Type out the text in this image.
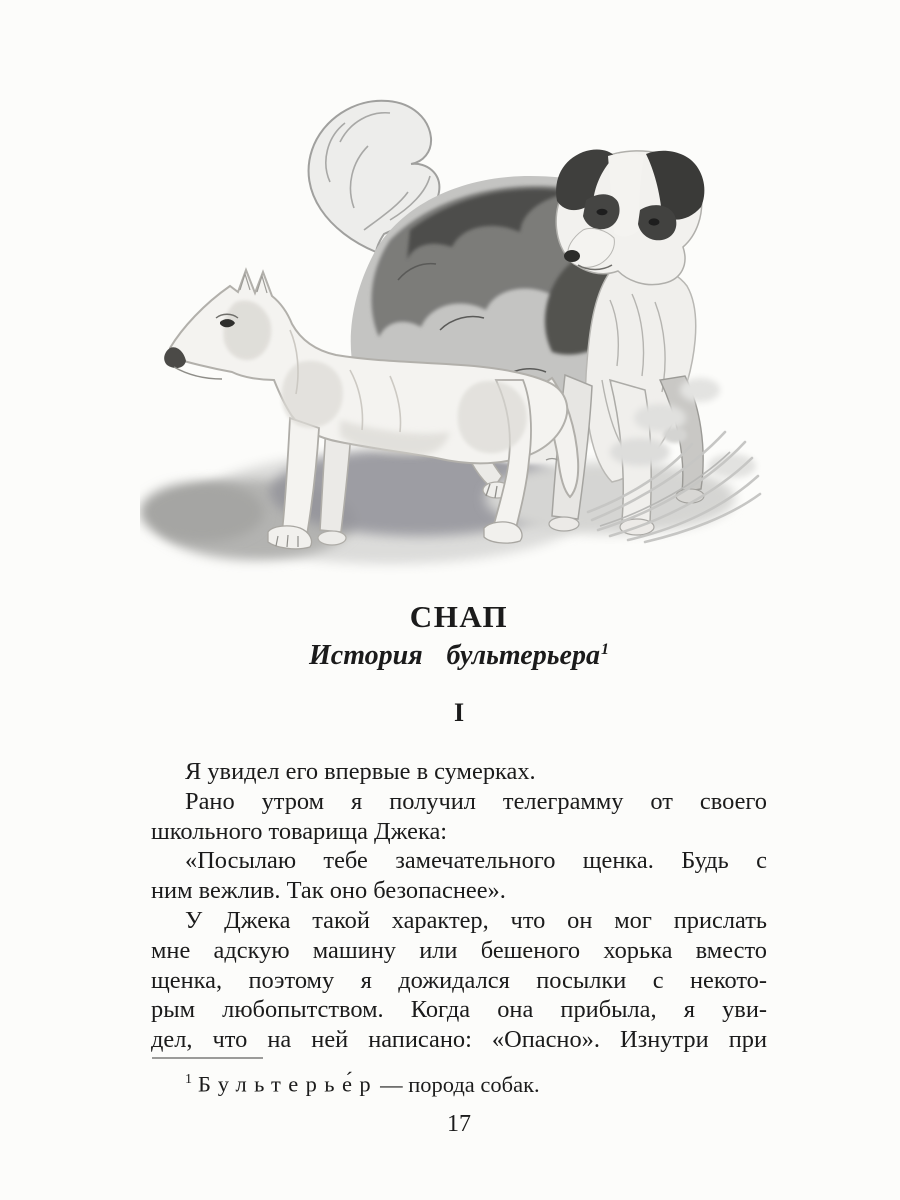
СНАП
История бультерьера$^1$
I
Я увидел его впервые в сумерках.
Рано утром я получил телеграмму от своего
школьного товарища Джека:
«Посылаю тебе замечательного щенка. Будь с
ним вежлив. Так оно безопаснее».
У Джека такой характер, что он мог прислать
мне адскую машину или бешеного хорька вместо
щенка, поэтому я дожидался посылки с некото-
рым любопытством. Когда она прибыла, я уви-
дел, что на ней написано: «Опасно». Изнутри при
$^1$ Бультерье́р— порода собак.
17
